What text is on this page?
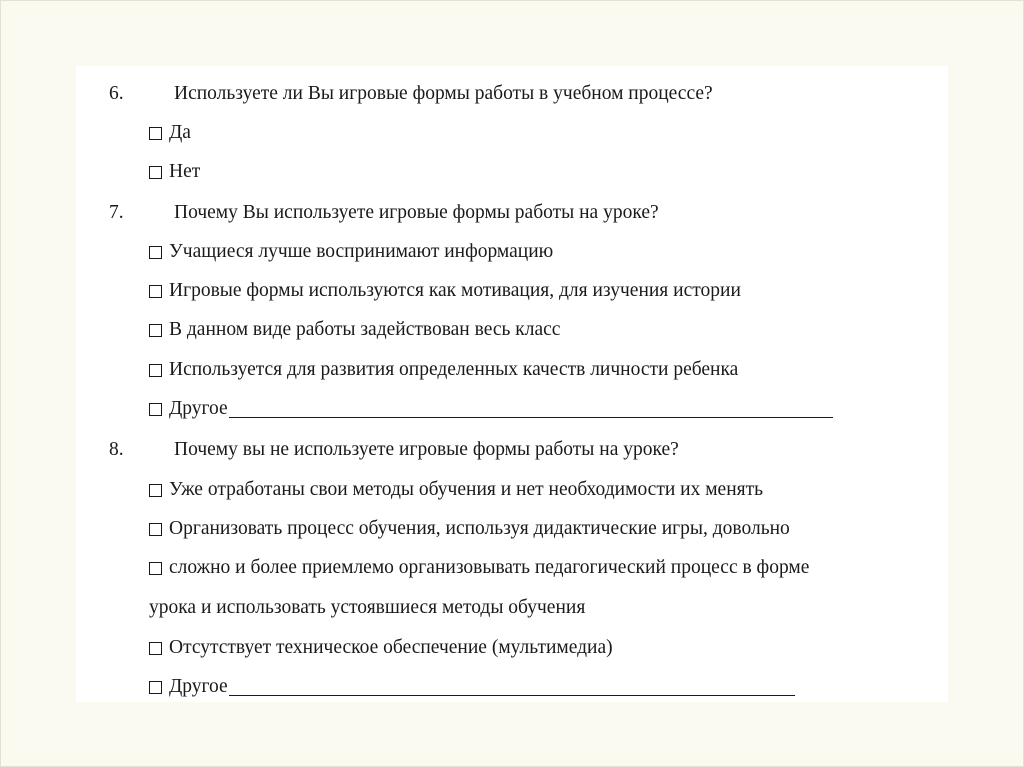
6.	Используете ли Вы игровые формы работы в учебном процессе?
Да
Нет
7.	Почему Вы используете игровые формы работы на уроке?
Учащиеся лучше воспринимают информацию
Игровые формы используются как мотивация, для изучения истории
В данном виде работы задействован весь класс
Используется для развития определенных качеств личности ребенка
Другое
8.	Почему вы не используете игровые формы работы на уроке?
Уже отработаны свои методы обучения и нет необходимости их менять
Организовать процесс обучения, используя дидактические игры, довольно
сложно и более приемлемо организовывать педагогический процесс в форме
урока и использовать устоявшиеся методы обучения
Отсутствует техническое обеспечение (мультимедиа)
Другое
